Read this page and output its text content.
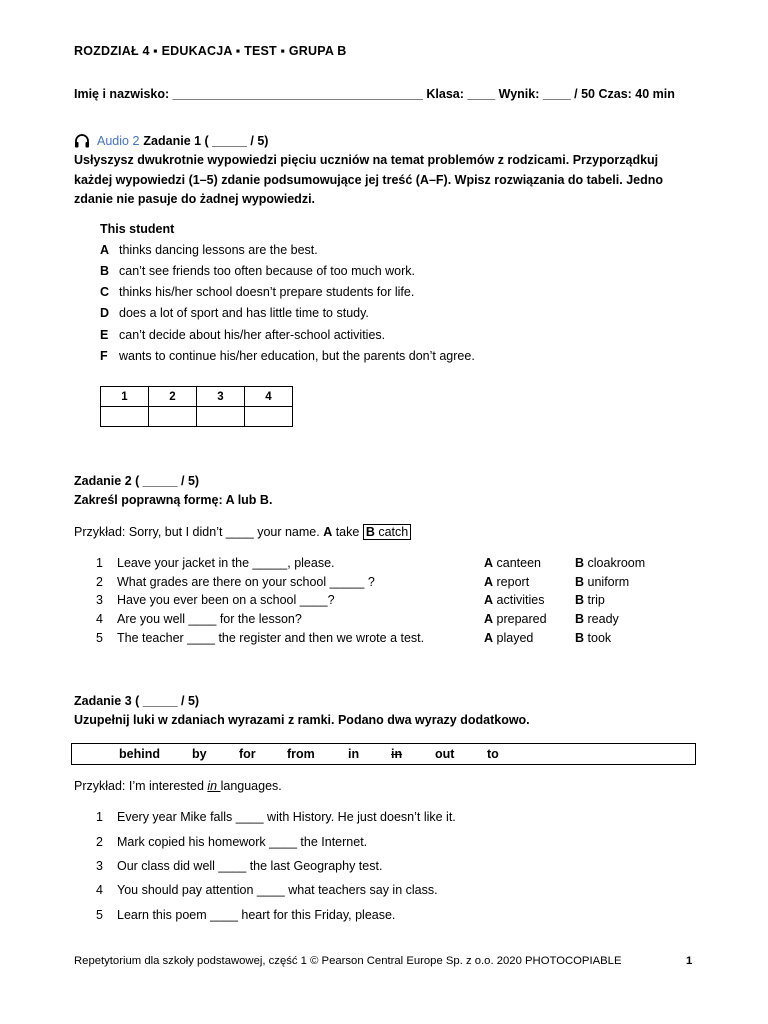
ROZDZIAŁ 4 ▪ EDUKACJA ▪ TEST ▪ GRUPA B
Imię i nazwisko: ____________________________________ Klasa: ____ Wynik: ____ / 50 Czas: 40 min
Audio 2 Zadanie 1 ( _____ / 5)
Usłyszysz dwukrotnie wypowiedzi pięciu uczniów na temat problemów z rodzicami. Przyporządkuj każdej wypowiedzi (1–5) zdanie podsumowujące jej treść (A–F). Wpisz rozwiązania do tabeli. Jedno zdanie nie pasuje do żadnej wypowiedzi.
This student
A thinks dancing lessons are the best.
B can’t see friends too often because of too much work.
C thinks his/her school doesn’t prepare students for life.
D does a lot of sport and has little time to study.
E can’t decide about his/her after-school activities.
F wants to continue his/her education, but the parents don’t agree.
1	2	3	4

Zadanie 2 ( _____ / 5)
Zakreśl poprawną formę: A lub B.
Przykład: Sorry, but I didn’t ____ your name. A take B catch
1 Leave your jacket in the _____, please.	A canteen	B cloakroom
2 What grades are there on your school _____ ?	A report	B uniform
3 Have you ever been on a school ____?	A activities B trip
4 Are you well ____ for the lesson?	A prepared B ready
5 The teacher ____ the register and then we wrote a test.	A played	B took
Zadanie 3 ( _____ / 5)
Uzupełnij luki w zdaniach wyrazami z ramki. Podano dwa wyrazy dodatkowo.
behind	by	for	from	in	in	out	to
Przykład: I’m interested in languages.
1 Every year Mike falls ____ with History. He just doesn’t like it.
2 Mark copied his homework ____ the Internet.
3 Our class did well ____ the last Geography test.
4 You should pay attention ____ what teachers say in class.
5 Learn this poem ____ heart for this Friday, please.
Repetytorium dla szkoły podstawowej, część 1 © Pearson Central Europe Sp. z o.o. 2020 PHOTOCOPIABLE	1
